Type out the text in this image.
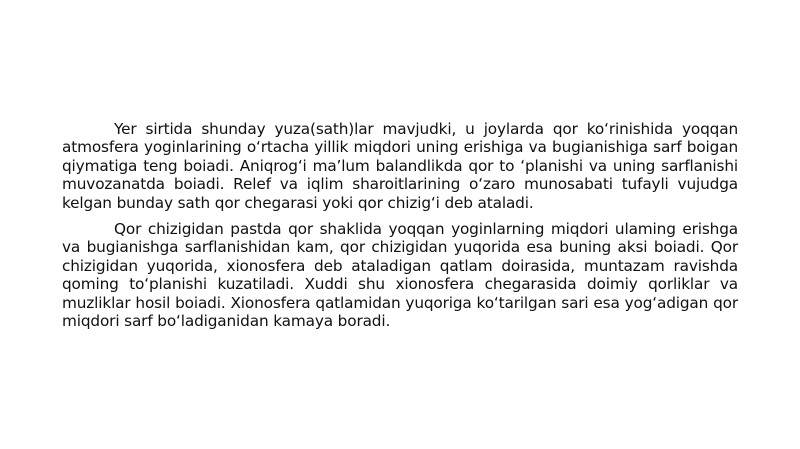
Yer sirtida shunday yuza(sath)lar mavjudki, u joylarda qor koʻrinishida yoqqan atmosfera yoginlarining oʻrtacha yillik miqdori uning erishiga va bugianishiga sarf boigan qiymatiga teng boiadi. Aniqrogʻi maʼlum balandlikda qor to ʻplanishi va uning sarflanishi muvozanatda boiadi. Relef va iqlim sharoitlarining oʻzaro munosabati tufayli vujudga kelgan bunday sath qor chegarasi yoki qor chizigʻi deb ataladi.

Qor chizigidan pastda qor shaklida yoqqan yoginlarning miqdori ulaming erishga va bugianishga sarflanishidan kam, qor chizigidan yuqorida esa buning aksi boiadi. Qor chizigidan yuqorida, xionosfera deb ataladigan qatlam doirasida, muntazam ravishda qoming toʻplanishi kuzatiladi. Xuddi shu xionosfera chegarasida doimiy qorliklar va muzliklar hosil boiadi. Xionosfera qatlamidan yuqoriga koʻtarilgan sari esa yogʻadigan qor miqdori sarf boʻladiganidan kamaya boradi.
